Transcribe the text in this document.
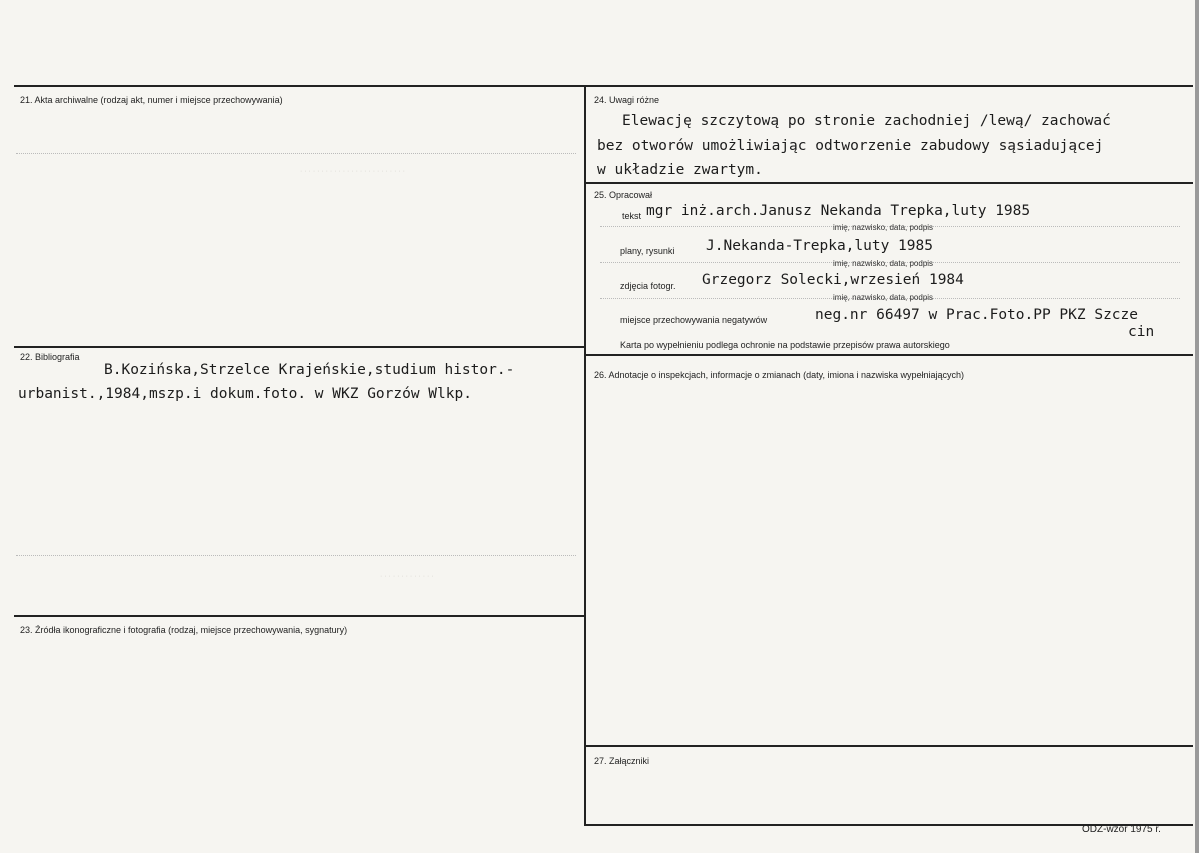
· · · · · · · · · · · · · · · · · · · · · · · · ·
· · · · · · · · · · · · ·
21. Akta archiwalne (rodzaj akt, numer i miejsce przechowywania)
22. Bibliografia
B.Kozińska,Strzelce Krajeńskie,studium histor.-
urbanist.,1984,mszp.i dokum.foto. w WKZ Gorzów Wlkp.
23. Źródła ikonograficzne i fotografia (rodzaj, miejsce przechowywania, sygnatury)
24. Uwagi różne
Elewację szczytową po stronie zachodniej /lewą/ zachować
bez otworów umożliwiając odtworzenie zabudowy sąsiadującej
w układzie zwartym.
25. Opracował
tekst mgr inż.arch.Janusz Nekanda Trepka,luty 1985
imię, nazwisko, data, podpis
plany, rysunki J.Nekanda-Trepka,luty 1985
imię, nazwisko, data, podpis
zdjęcia fotogr. Grzegorz Solecki,wrzesień 1984
imię, nazwisko, data, podpis
miejsce przechowywania negatywów	neg.nr 66497 w Prac.Foto.PP PKZ Szcze
cin
Karta po wypełnieniu podlega ochronie na podstawie przepisów prawa autorskiego
26. Adnotacje o inspekcjach, informacje o zmianach (daty, imiona i nazwiska wypełniających)
27. Załączniki
ODZ-wzór 1975 r.
